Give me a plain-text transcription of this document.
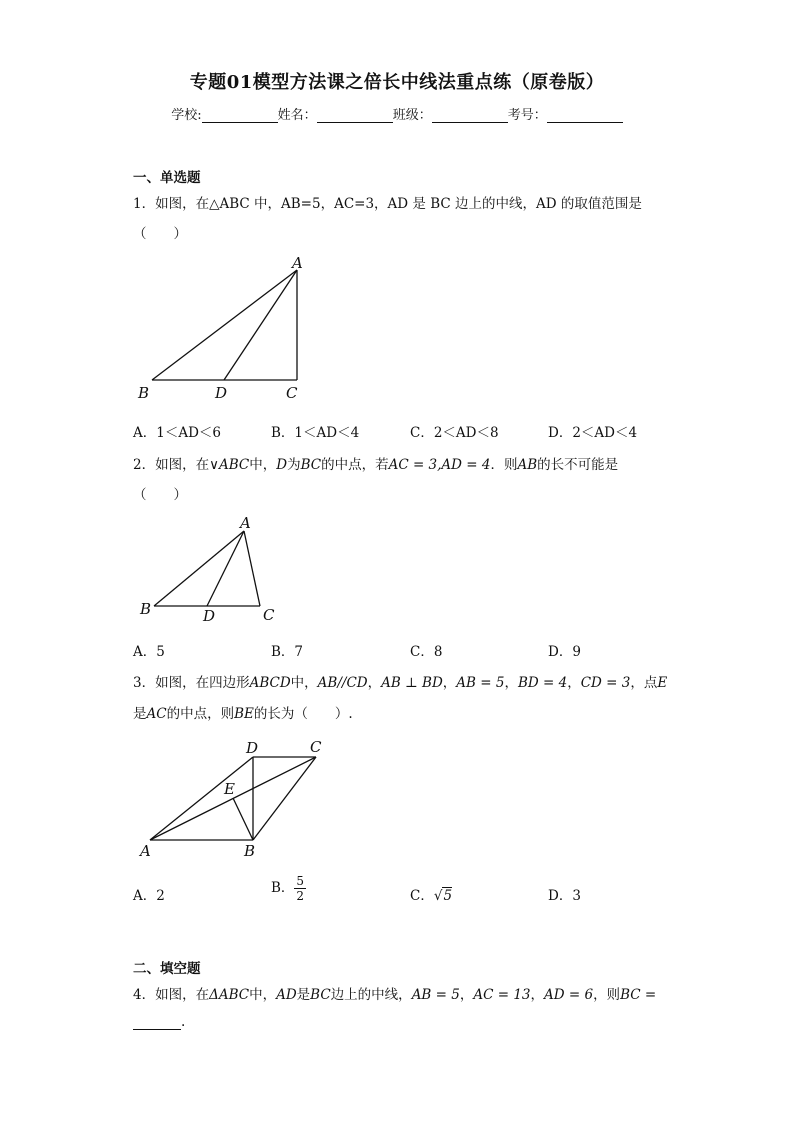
专题01模型方法课之倍长中线法重点练（原卷版）
学校:	姓名：	班级：	考号：
一、单选题
1．如图，在△ABC 中，AB=5，AC=3，AD 是 BC 边上的中线，AD 的取值范围是
（　　）
A
B	D	C
A．1＜AD＜6	B．1＜AD＜4	C．2＜AD＜8	D．2＜AD＜4
2．如图，在∨ABC中，D为BC的中点，若AC = 3,AD = 4．则AB的长不可能是
（　　）
A
B	D	C
A．5	B．7	C．8	D．9
3．如图，在四边形ABCD中，AB//CD，AB ⊥ BD，AB = 5，BD = 4，CD = 3，点E
是AC的中点，则BE的长为（　　）.
D	C
E
A	B
A．2	B． $\frac{5}{2}$	C．√5	D．3
二、填空题
4．如图，在ΔABC中，AD是BC边上的中线，AB = 5，AC = 13，AD = 6，则BC =
.
